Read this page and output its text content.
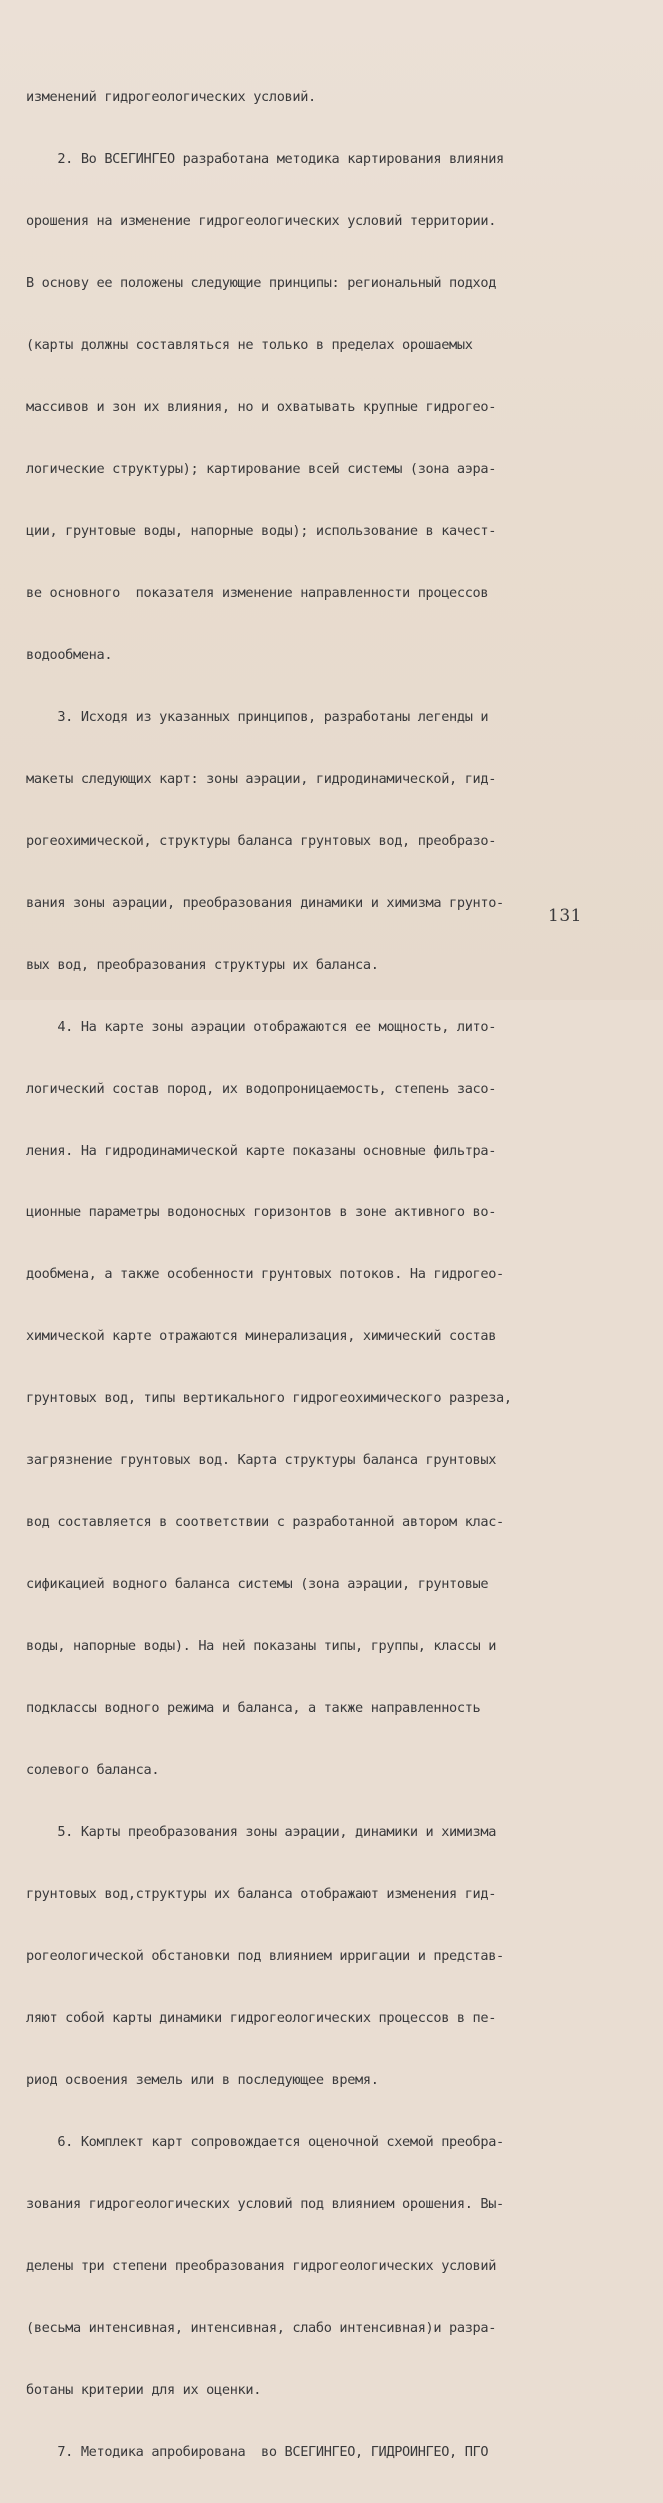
изменений гидрогеологических условий.

2. Во ВСЕГИНГЕО разработана методика картирования влияния

орошения на изменение гидрогеологических условий территории.

В основу ее положены следующие принципы: региональный подход

(карты должны составляться не только в пределах орошаемых

массивов и зон их влияния, но и охватывать крупные гидрогео-

логические структуры); картирование всей системы (зона аэра-

ции, грунтовые воды, напорные воды); использование в качест-

ве основного  показателя изменение направленности процессов

водообмена.

3. Исходя из указанных принципов, разработаны легенды и

макеты следующих карт: зоны аэрации, гидродинамической, гид-

рогеохимической, структуры баланса грунтовых вод, преобразо-

вания зоны аэрации, преобразования динамики и химизма грунто-

вых вод, преобразования структуры их баланса.

4. На карте зоны аэрации отображаются ее мощность, лито-

логический состав пород, их водопроницаемость, степень засо-

ления. На гидродинамической карте показаны основные фильтра-

ционные параметры водоносных горизонтов в зоне активного во-

дообмена, а также особенности грунтовых потоков. На гидрогео-

химической карте отражаются минерализация, химический состав

грунтовых вод, типы вертикального гидрогеохимического разреза,

загрязнение грунтовых вод. Карта структуры баланса грунтовых

вод составляется в соответствии с разработанной автором клас-

сификацией водного баланса системы (зона аэрации, грунтовые

воды, напорные воды). На ней показаны типы, группы, классы и

подклассы водного режима и баланса, а также направленность

солевого баланса.

5. Карты преобразования зоны аэрации, динамики и химизма

грунтовых вод,структуры их баланса отображают изменения гид-

рогеологической обстановки под влиянием ирригации и представ-

ляют собой карты динамики гидрогеологических процессов в пе-

риод освоения земель или в последующее время.

6. Комплект карт сопровождается оценочной схемой преобра-

зования гидрогеологических условий под влиянием орошения. Вы-

делены три степени преобразования гидрогеологических условий

(весьма интенсивная, интенсивная, слабо интенсивная)и разра-

ботаны критерии для их оценки.

7. Методика апробирована  во ВСЕГИНГЕО, ГИДРОИНГЕО, ПГО

131
